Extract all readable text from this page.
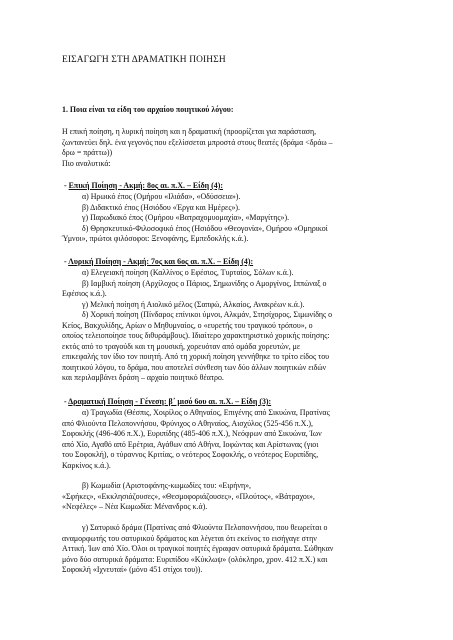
ΕΙΣΑΓΩΓΗ ΣΤΗ ΔΡΑΜΑΤΙΚΗ ΠΟΙΗΣΗ
1. Ποια είναι τα είδη του αρχαίου ποιητικού λόγου:
Η επική ποίηση, η λυρική ποίηση και η δραματική (προορίζεται για παράσταση,
ζωντανεύει δηλ. ένα γεγονός που εξελίσσεται μπροστά στους θεατές (δράμα <δράω –
δρω = πράττω))
Πιο αναλυτικά:
- Επική Ποίηση - Ακμή: 8ος αι. π.Χ. – Είδη (4):
α) Ηρωικό έπος (Ομήρου «Ιλιάδα», «Οδύσσεια»).
β) Διδακτικό έπος (Ησιόδου «Έργα και Ημέρες»).
γ) Παρωδιακό έπος (Ομήρου «Βατραχομυομαχία», «Μαργίτης»).
δ) Θρησκευτικό-Φιλοσοφικό έπος (Ησιόδου «Θεογονία», Ομήρου «Ομηρικοί
Ύμνοι», πρώτοι φιλόσοφοι: Ξενοφάνης, Εμπεδοκλής κ.ά.).
- Λυρική Ποίηση - Ακμή: 7ος και 6ος αι. π.Χ. – Είδη (4):
α) Ελεγειακή ποίηση (Καλλίνος ο Εφέσιος, Τυρταίος, Σόλων κ.ά.).
β) Ιαμβική ποίηση (Αρχίλοχος ο Πάριος, Σημωνίδης ο Αμοργίνος, Ιππώναξ ο
Εφέσιος κ.ά.).
γ) Μελική ποίηση ή Αιολικό μέλος (Σαπφώ, Αλκαίος, Ανακρέων κ.ά.).
δ) Χορική ποίηση (Πίνδαρος επίνικοι ύμνοι, Αλκμάν, Στησίχορος, Σιμωνίδης ο
Κείος, Βακχυλίδης, Αρίων ο Μηθυμναίος, ο «ευρετής του τραγικού τρόπου», ο
οποίος τελειοποίησε τους διθυράμβους). Ιδιαίτερο χαρακτηριστικό χορικής ποίησης:
εκτός από το τραγούδι και τη μουσική, χορευόταν από ομάδα χορευτών, με
επικεφαλής τον ίδιο τον ποιητή. Από τη χορική ποίηση γεννήθηκε το τρίτο είδος του
ποιητικού λόγου, το δράμα, που αποτελεί σύνθεση των δύο άλλων ποιητικών ειδών
και περιλαμβάνει δράση – αρχαίο ποιητικό θέατρο.
- Δραματική Ποίηση - Γένεση: β΄ μισό 6ου αι. π.Χ. – Είδη (3):
α) Τραγωδία (Θέσπις, Χοιρίλος ο Αθηναίος, Επιγένης από Σικυώνα, Πρατίνας
από Φλιούντα Πελοποννήσου, Φρύνιχος ο Αθηναίος, Αισχύλος (525-456 π.Χ.),
Σοφοκλής (496-406 π.Χ.), Ευριπίδης (485-406 π.Χ.), Νεόφρων από Σικυώνα, Ίων
από Χίο, Αγαθό από Ερέτρια, Αγάθων από Αθήνα, Ιοφώντας και Αρίστωνας (γιοι
του Σοφοκλή), ο τύραννος Κριτίας, ο νεότερος Σοφοκλής, ο νεότερος Ευριπίδης,
Καρκίνος κ.ά.).
β) Κωμωδία (Αριστοφάνης-κωμωδίες του: «Ειρήνη»,
«Σφήκες», «Εκκλησιάζουσες», «Θεσμοφοριάζουσες», «Πλούτος», «Βάτραχοι»,
«Νεφέλες» – Νέα Κωμωδία: Μένανδρος κ.ά).
γ) Σατυρικό δράμα (Πρατίνας από Φλιούντα Πελοποννήσου, που θεωρείται ο
αναμορφωτής του σατυρικού δράματος και λέγεται ότι εκείνος το εισήγαγε στην
Αττική. Ίων από Χίο. Όλοι οι τραγικοί ποιητές έγραφαν σατυρικά δράματα. Σώθηκαν
μόνο δύο σατυρικά δράματα: Ευριπίδου «Κύκλωψ» (ολόκληρο, χρον. 412 π.Χ.) και
Σοφοκλή «Ιχνευταί» (μόνο 451 στίχοι του)).
